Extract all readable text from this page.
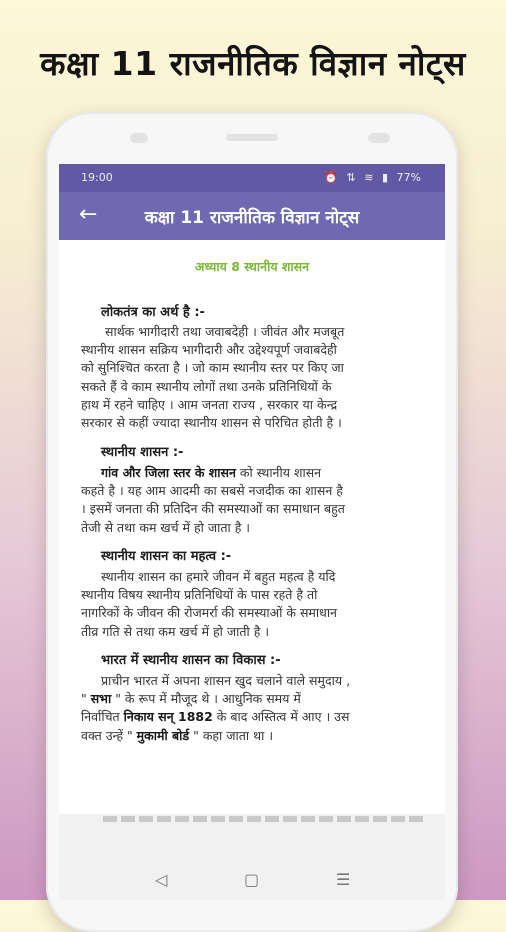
कक्षा 11 राजनीतिक विज्ञान नोट्स
19:00	⏰ ⇅ ≋ ▮ 77%
←	कक्षा 11 राजनीतिक विज्ञान नोट्स
अध्याय 8 स्थानीय शासन
लोकतंत्र का अर्थ है :-
सार्थक भागीदारी तथा जवाबदेही । जीवंत और मजबूत
स्थानीय शासन सक्रिय भागीदारी और उद्देश्यपूर्ण जवाबदेही
को सुनिश्चित करता है । जो काम स्थानीय स्तर पर किए जा
सकते हैं वे काम स्थानीय लोगों तथा उनके प्रतिनिधियों के
हाथ में रहने चाहिए । आम जनता राज्य , सरकार या केन्द्र
सरकार से कहीं ज्यादा स्थानीय शासन से परिचित होती है ।
स्थानीय शासन :-
गांव और जिला स्तर के शासन को स्थानीय शासन
कहते है । यह आम आदमी का सबसे नजदीक का शासन है
। इसमें जनता की प्रतिदिन की समस्याओं का समाधान बहुत
तेजी से तथा कम खर्च में हो जाता है ।
स्थानीय शासन का महत्व :-
स्थानीय शासन का हमारे जीवन में बहुत महत्व है यदि
स्थानीय विषय स्थानीय प्रतिनिधियों के पास रहते है तो
नागरिकों के जीवन की रोजमर्रा की समस्याओं के समाधान
तीव्र गति से तथा कम खर्च में हो जाती है ।
भारत में स्थानीय शासन का विकास :-
प्राचीन भारत में अपना शासन खुद चलाने वाले समुदाय ,
" सभा " के रूप में मौजूद थे । आधुनिक समय में
निर्वाचित निकाय सन् 1882 के बाद अस्तित्व में आए । उस
वक्त उन्हें " मुकामी बोर्ड " कहा जाता था ।
◁	▢	☰
